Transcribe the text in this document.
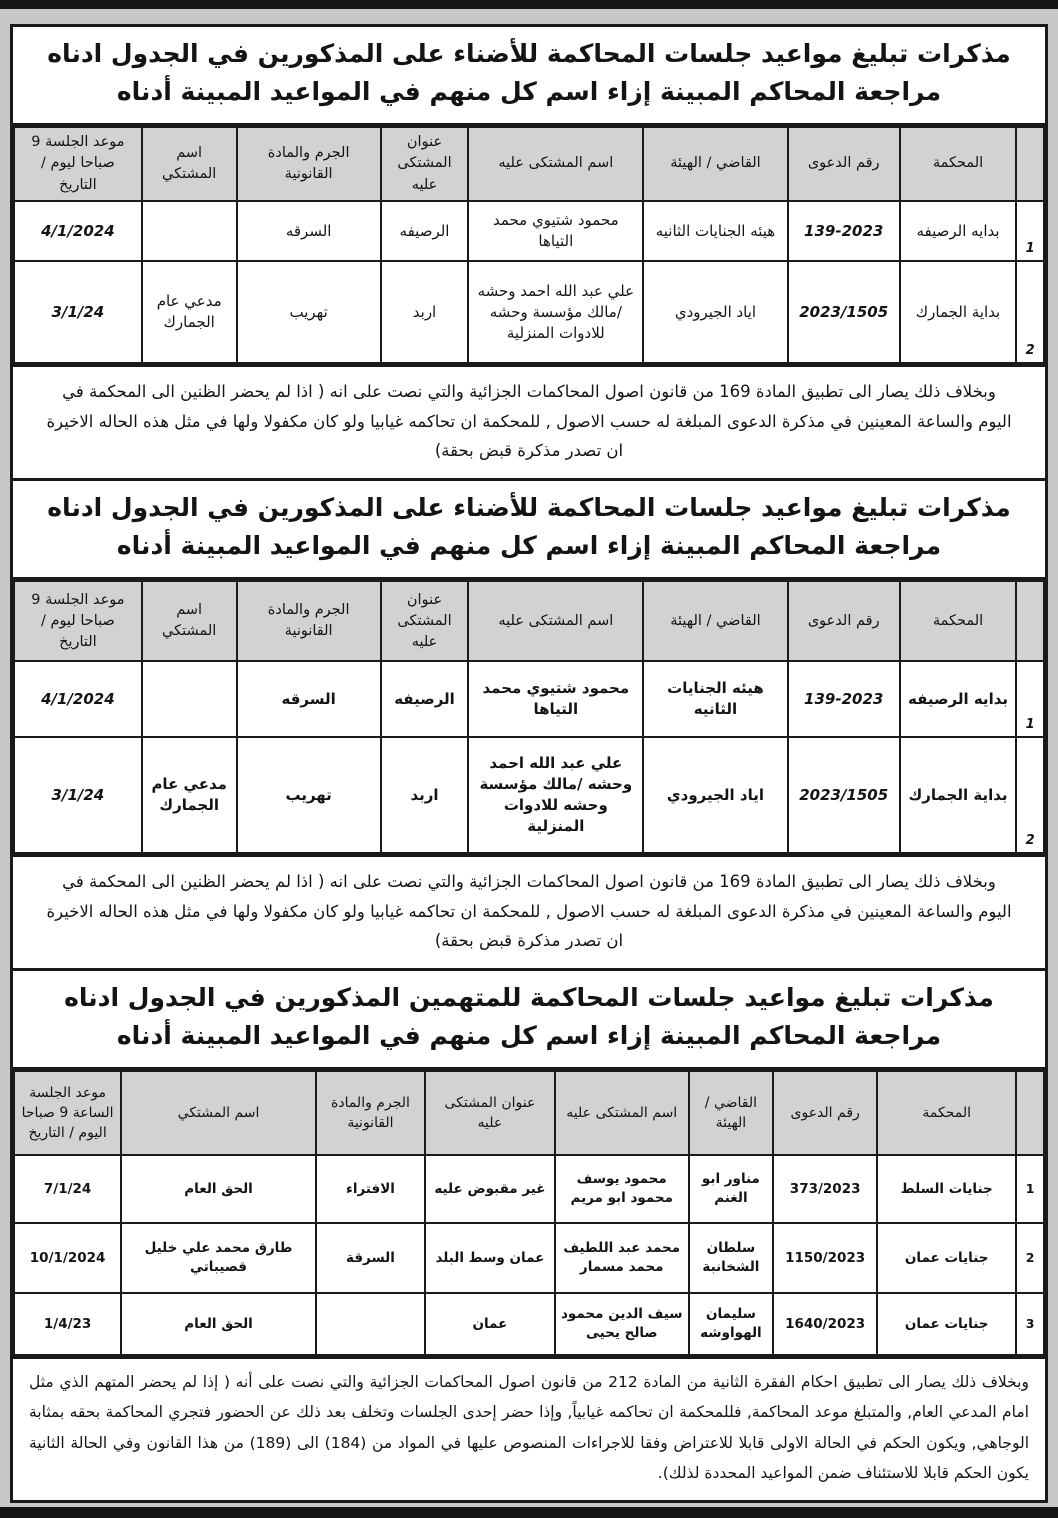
مذكرات تبليغ مواعيد جلسات المحاكمة للأضناء على المذكورين في الجدول ادناه مراجعة المحاكم المبينة إزاء اسم كل منهم في المواعيد المبينة أدناه
	المحكمة	رقم الدعوى	القاضي / الهيئة	اسم المشتكى عليه	عنوان المشتكى عليه	الجرم والمادة القانونية	اسم المشتكي	موعد الجلسة 9 صباحا ليوم / التاريخ
1	بدايه الرصيفه	139-2023	هيئه الجنايات الثانيه	محمود شتيوي محمد التياها	الرصيفه	السرقه		4/1/2024
2	بداية الجمارك	2023/1505	اياد الجيرودي	علي عبد الله احمد وحشه /مالك مؤسسة وحشه للادوات المنزلية	اربد	تهريب	مدعي عام الجمارك	3/1/24
وبخلاف ذلك يصار الى تطبيق المادة 169 من قانون اصول المحاكمات الجزائية والتي نصت على انه ( اذا لم يحضر الظنين الى المحكمة في اليوم والساعة المعينين في مذكرة الدعوى المبلغة له حسب الاصول , للمحكمة ان تحاكمه غيابيا ولو كان مكفولا ولها في مثل هذه الحاله الاخيرة ان تصدر مذكرة قبض بحقة)
مذكرات تبليغ مواعيد جلسات المحاكمة للأضناء على المذكورين في الجدول ادناه مراجعة المحاكم المبينة إزاء اسم كل منهم في المواعيد المبينة أدناه
	المحكمة	رقم الدعوى	القاضي / الهيئة	اسم المشتكى عليه	عنوان المشتكى عليه	الجرم والمادة القانونية	اسم المشتكي	موعد الجلسة 9 صباحا ليوم / التاريخ
1	بدايه الرصيفه	139-2023	هيئه الجنايات الثانيه	محمود شتيوي محمد التياها	الرصيفه	السرقه		4/1/2024
2	بداية الجمارك	2023/1505	اياد الجيرودي	علي عبد الله احمد وحشه /مالك مؤسسة وحشه للادوات المنزلية	اربد	تهريب	مدعي عام الجمارك	3/1/24
وبخلاف ذلك يصار الى تطبيق المادة 169 من قانون اصول المحاكمات الجزائية والتي نصت على انه ( اذا لم يحضر الظنين الى المحكمة في اليوم والساعة المعينين في مذكرة الدعوى المبلغة له حسب الاصول , للمحكمة ان تحاكمه غيابيا ولو كان مكفولا ولها في مثل هذه الحاله الاخيرة ان تصدر مذكرة قبض بحقة)
مذكرات تبليغ مواعيد جلسات المحاكمة للمتهمين المذكورين في الجدول ادناه مراجعة المحاكم المبينة إزاء اسم كل منهم في المواعيد المبينة أدناه
	المحكمة	رقم الدعوى	القاضي / الهيئة	اسم المشتكى عليه	عنوان المشتكى عليه	الجرم والمادة القانونية	اسم المشتكي	موعد الجلسة الساعة 9 صباحا اليوم / التاريخ
1	جنايات السلط	373/2023	مناور ابو الغنم	محمود يوسف محمود ابو مريم	غير مقبوض عليه	الافتراء	الحق العام	7/1/24
2	جنايات عمان	1150/2023	سلطان الشخانبة	محمد عبد اللطيف محمد مسمار	عمان وسط البلد	السرقة	طارق محمد علي خليل قصيباتي	10/1/2024
3	جنايات عمان	1640/2023	سليمان الهواوشه	سيف الدين محمود صالح يحيى	عمان		الحق العام	1/4/23
وبخلاف ذلك يصار الى تطبيق احكام الفقرة الثانية من المادة 212 من قانون اصول المحاكمات الجزائية والتي نصت على أنه ( إذا لم يحضر المتهم الذي مثل امام المدعي العام, والمتبلغ موعد المحاكمة, فللمحكمة ان تحاكمه غيابياً, وإذا حضر إحدى الجلسات وتخلف بعد ذلك عن الحضور فتجري المحاكمة بحقه بمثابة الوجاهي, ويكون الحكم في الحالة الاولى قابلا للاعتراض وفقا للاجراءات المنصوص عليها في المواد من (184) الى (189) من هذا القانون وفي الحالة الثانية يكون الحكم قابلا للاستئناف ضمن المواعيد المحددة لذلك).
